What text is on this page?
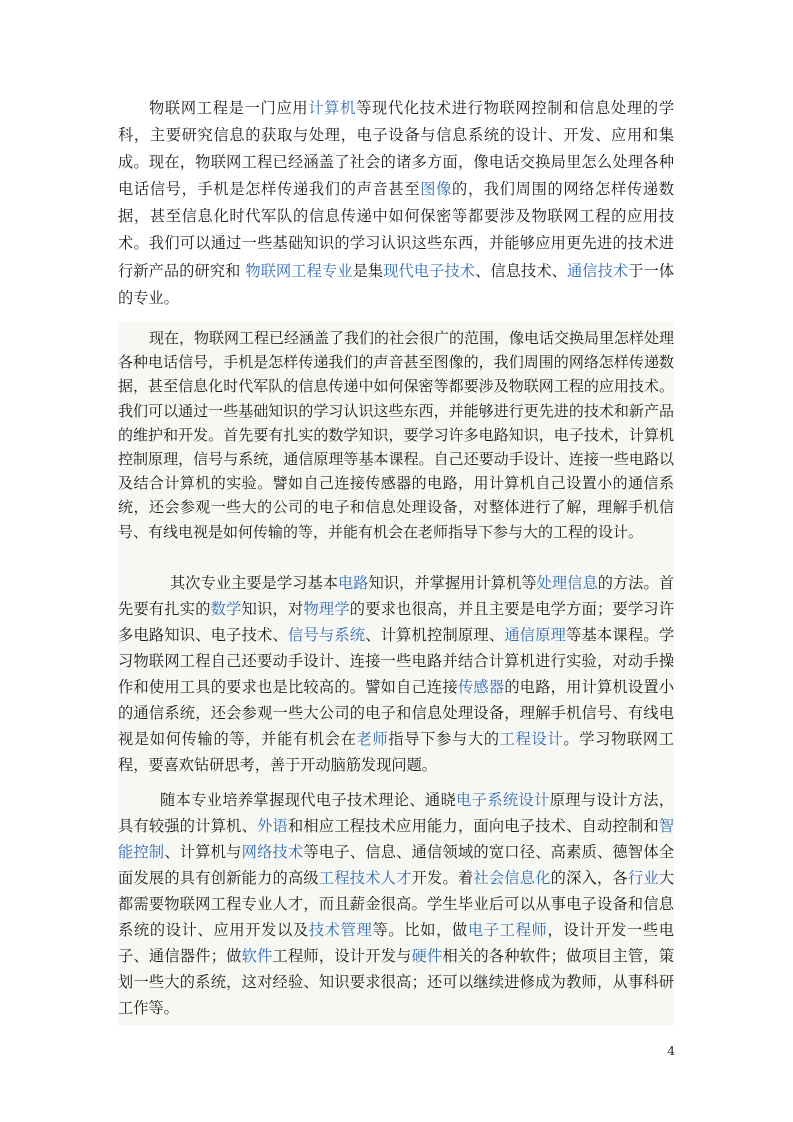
物联网工程是一门应用计算机等现代化技术进行物联网控制和信息处理的学科，主要研究信息的获取与处理，电子设备与信息系统的设计、开发、应用和集成。现在，物联网工程已经涵盖了社会的诸多方面，像电话交换局里怎么处理各种电话信号，手机是怎样传递我们的声音甚至图像的，我们周围的网络怎样传递数据，甚至信息化时代军队的信息传递中如何保密等都要涉及物联网工程的应用技术。我们可以通过一些基础知识的学习认识这些东西，并能够应用更先进的技术进行新产品的研究和 物联网工程专业是集现代电子技术、信息技术、通信技术于一体的专业。

现在，物联网工程已经涵盖了我们的社会很广的范围，像电话交换局里怎样处理各种电话信号，手机是怎样传递我们的声音甚至图像的，我们周围的网络怎样传递数据，甚至信息化时代军队的信息传递中如何保密等都要涉及物联网工程的应用技术。我们可以通过一些基础知识的学习认识这些东西，并能够进行更先进的技术和新产品的维护和开发。首先要有扎实的数学知识，要学习许多电路知识，电子技术，计算机控制原理，信号与系统，通信原理等基本课程。自己还要动手设计、连接一些电路以及结合计算机的实验。譬如自己连接传感器的电路，用计算机自己设置小的通信系统，还会参观一些大的公司的电子和信息处理设备，对整体进行了解，理解手机信号、有线电视是如何传输的等，并能有机会在老师指导下参与大的工程的设计。

其次专业主要是学习基本电路知识，并掌握用计算机等处理信息的方法。首先要有扎实的数学知识，对物理学的要求也很高，并且主要是电学方面；要学习许多电路知识、电子技术、信号与系统、计算机控制原理、通信原理等基本课程。学习物联网工程自己还要动手设计、连接一些电路并结合计算机进行实验，对动手操作和使用工具的要求也是比较高的。譬如自己连接传感器的电路，用计算机设置小的通信系统，还会参观一些大公司的电子和信息处理设备，理解手机信号、有线电视是如何传输的等，并能有机会在老师指导下参与大的工程设计。学习物联网工程，要喜欢钻研思考，善于开动脑筋发现问题。

随本专业培养掌握现代电子技术理论、通晓电子系统设计原理与设计方法，具有较强的计算机、外语和相应工程技术应用能力，面向电子技术、自动控制和智能控制、计算机与网络技术等电子、信息、通信领域的宽口径、高素质、德智体全面发展的具有创新能力的高级工程技术人才开发。着社会信息化的深入，各行业大都需要物联网工程专业人才，而且薪金很高。学生毕业后可以从事电子设备和信息系统的设计、应用开发以及技术管理等。比如，做电子工程师，设计开发一些电子、通信器件；做软件工程师，设计开发与硬件相关的各种软件；做项目主管，策划一些大的系统，这对经验、知识要求很高；还可以继续进修成为教师，从事科研工作等。

4
